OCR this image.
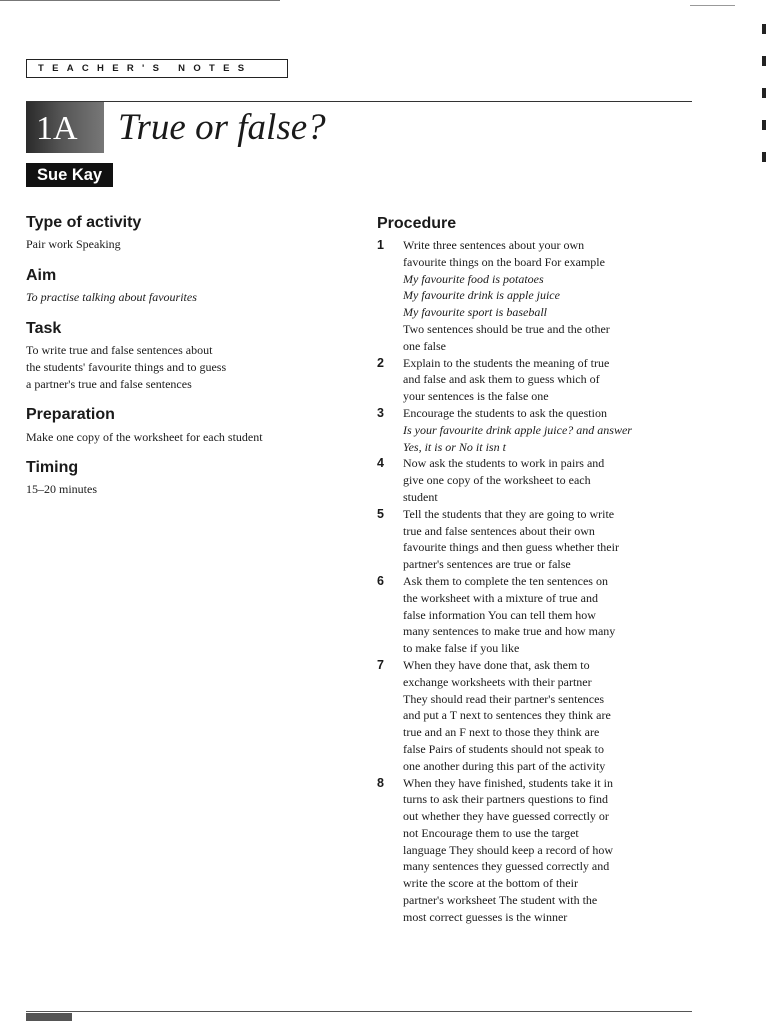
TEACHER'S NOTES
1A	True or false?
Sue Kay
Type of activity
Pair work Speaking
Aim
To practise talking about favourites
Task
To write true and false sentences about
the students' favourite things and to guess
a partner's true and false sentences
Preparation
Make one copy of the worksheet for each student
Timing
15–20 minutes
Procedure
1	Write three sentences about your own

favourite things on the board For example

My favourite food is potatoes

My favourite drink is apple juice

My favourite sport is baseball

Two sentences should be true and the other

one false

2	Explain to the students the meaning of true

and false and ask them to guess which of

your sentences is the false one

3	Encourage the students to ask the question

Is your favourite drink apple juice? and answer

Yes, it is or No it isn t

4	Now ask the students to work in pairs and

give one copy of the worksheet to each

student

5	Tell the students that they are going to write

true and false sentences about their own

favourite things and then guess whether their

partner's sentences are true or false

6	Ask them to complete the ten sentences on

the worksheet with a mixture of true and

false information You can tell them how

many sentences to make true and how many

to make false if you like

7	When they have done that, ask them to

exchange worksheets with their partner

They should read their partner's sentences

and put a T next to sentences they think are

true and an F next to those they think are

false Pairs of students should not speak to

one another during this part of the activity

8	When they have finished, students take it in

turns to ask their partners questions to find

out whether they have guessed correctly or

not Encourage them to use the target

language They should keep a record of how

many sentences they guessed correctly and

write the score at the bottom of their

partner's worksheet The student with the

most correct guesses is the winner
